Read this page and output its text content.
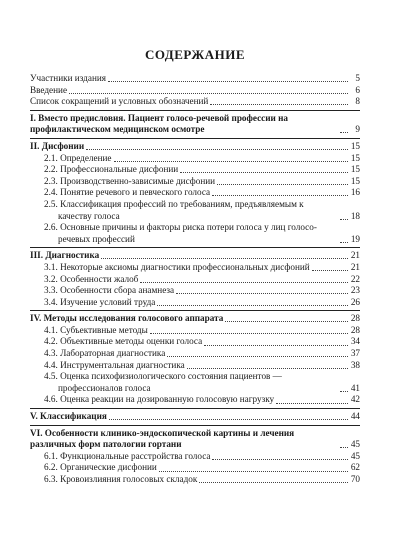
СОДЕРЖАНИЕ
Участники издания	5
Введение	6
Список сокращений и условных обозначений	8
I. Вместо предисловия. Пациент голосо-речевой профессии на профилактическом медицинском осмотре	9
II. Дисфонии	15
2.1. Определение	15
2.2. Профессиональные дисфонии	15
2.3. Производственно-зависимые дисфонии	15
2.4. Понятие речевого и певческого голоса	16
2.5. Классификация профессий по требованиям, предъявляемым к качеству голоса	18
2.6. Основные причины и факторы риска потери голоса у лиц голосо-речевых профессий	19
III. Диагностика	21
3.1. Некоторые аксиомы диагностики профессиональных дисфоний	21
3.2. Особенности жалоб	22
3.3. Особенности сбора анамнеза	23
3.4. Изучение условий труда	26
IV. Методы исследования голосового аппарата	28
4.1. Субъективные методы	28
4.2. Объективные методы оценки голоса	34
4.3. Лабораторная диагностика	37
4.4. Инструментальная диагностика	38
4.5. Оценка психофизиологического состояния пациентов — профессионалов голоса	41
4.6. Оценка реакции на дозированную голосовую нагрузку	42
V. Классификация	44
VI. Особенности клинико-эндоскопической картины и лечения различных форм патологии гортани	45
6.1. Функциональные расстройства голоса	45
6.2. Органические дисфонии	62
6.3. Кровоизлияния голосовых складок	70
